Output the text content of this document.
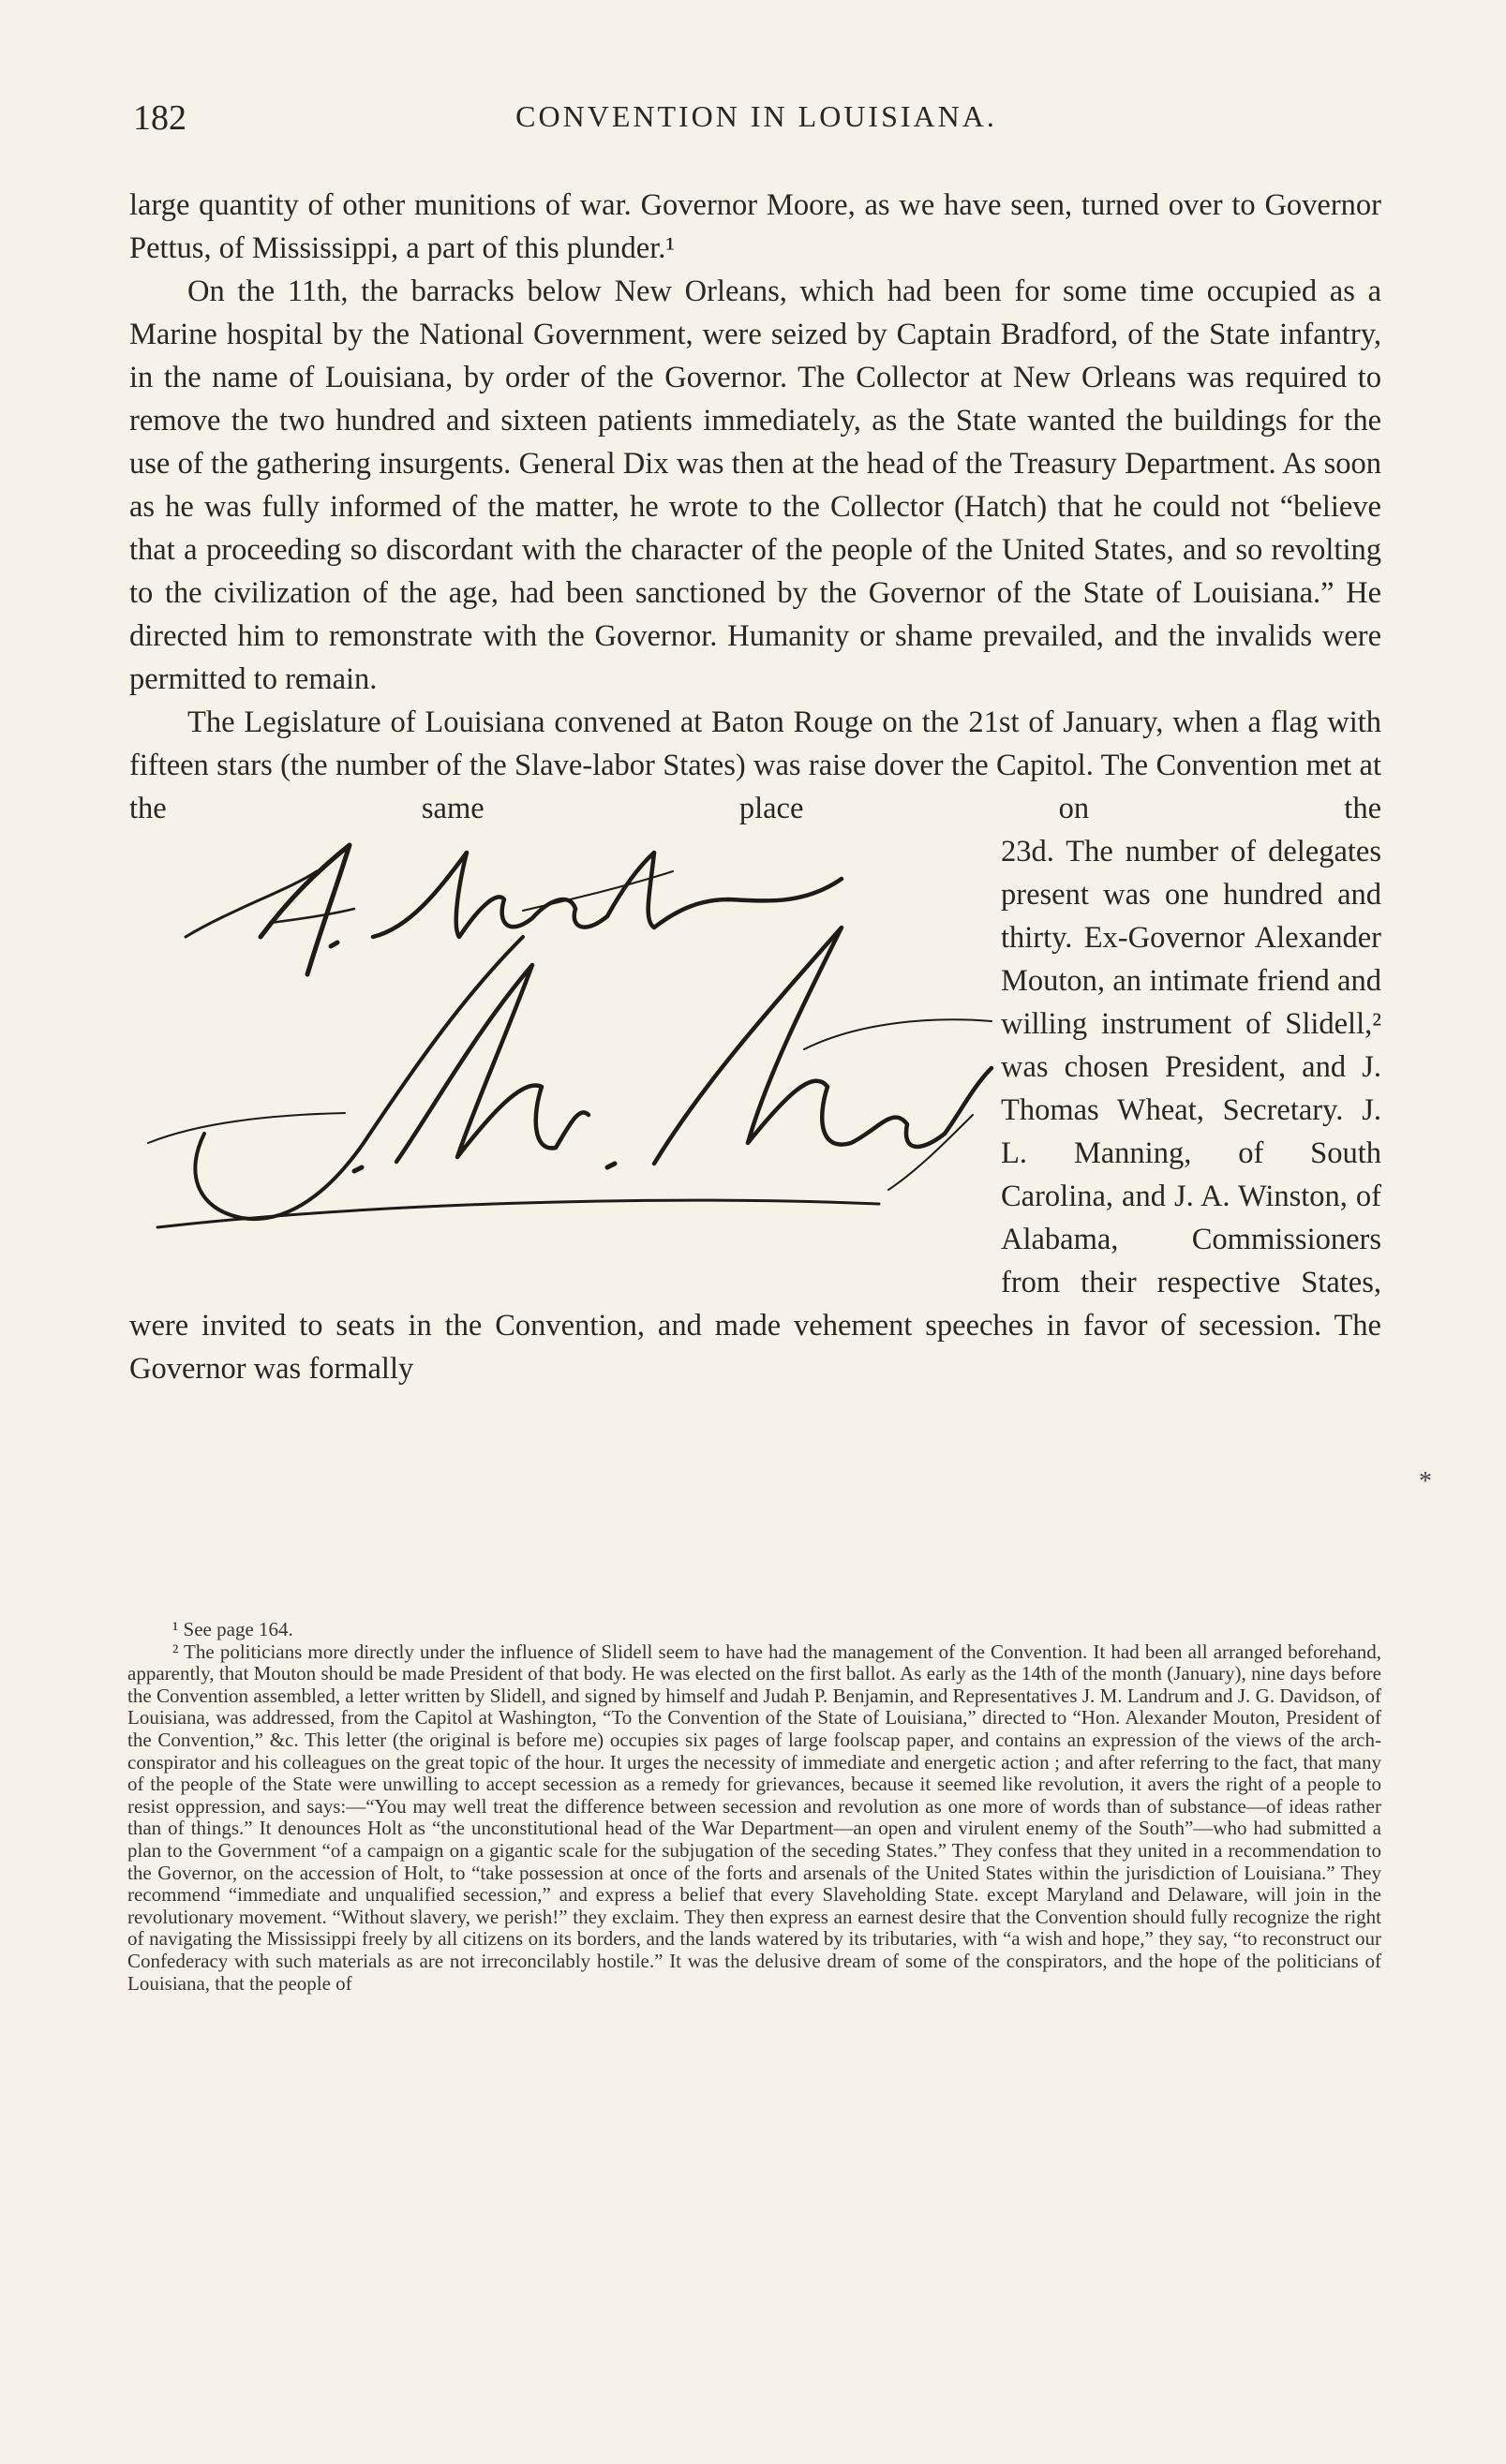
182	CONVENTION IN LOUISIANA.

large quantity of other munitions of war. Governor Moore, as we have seen, turned over to Governor Pettus, of Mississippi, a part of this plunder.¹

On the 11th, the barracks below New Orleans, which had been for some time occupied as a Marine hospital by the National Government, were seized by Captain Bradford, of the State infantry, in the name of Louisiana, by order of the Governor. The Collector at New Orleans was required to remove the two hundred and sixteen patients immediately, as the State wanted the buildings for the use of the gathering insurgents. General Dix was then at the head of the Treasury Department. As soon as he was fully informed of the matter, he wrote to the Collector (Hatch) that he could not “believe that a proceeding so discordant with the character of the people of the United States, and so revolting to the civilization of the age, had been sanctioned by the Governor of the State of Louisiana.” He directed him to remonstrate with the Governor. Humanity or shame prevailed, and the invalids were permitted to remain.

The Legislature of Louisiana convened at Baton Rouge on the 21st of January, when a flag with fifteen stars (the number of the Slave-labor States) was raise dover the Capitol. The Convention met at the same place on the

23d. The number of delegates present was one hundred and thirty. Ex-Governor Alexander Mouton, an intimate friend and willing instrument of Slidell,² was chosen President, and J. Thomas Wheat, Secretary. J. L. Manning, of South Carolina, and J. A. Winston, of Alabama, Commissioners from their respective States, were invited to seats in the Convention, and made vehement speeches in favor of secession. The Governor was formally

*

¹ See page 164.

² The politicians more directly under the influence of Slidell seem to have had the management of the Convention. It had been all arranged beforehand, apparently, that Mouton should be made President of that body. He was elected on the first ballot. As early as the 14th of the month (January), nine days before the Convention assembled, a letter written by Slidell, and signed by himself and Judah P. Benjamin, and Representatives J. M. Landrum and J. G. Davidson, of Louisiana, was addressed, from the Capitol at Washington, “To the Convention of the State of Louisiana,” directed to “Hon. Alexander Mouton, President of the Convention,” &c. This letter (the original is before me) occupies six pages of large foolscap paper, and contains an expression of the views of the arch-conspirator and his colleagues on the great topic of the hour. It urges the necessity of immediate and energetic action ; and after referring to the fact, that many of the people of the State were unwilling to accept secession as a remedy for grievances, because it seemed like revolution, it avers the right of a people to resist oppression, and says:—“You may well treat the difference between secession and revolution as one more of words than of substance—of ideas rather than of things.” It denounces Holt as “the unconstitutional head of the War Department—an open and virulent enemy of the South”—who had submitted a plan to the Government “of a campaign on a gigantic scale for the subjugation of the seceding States.” They confess that they united in a recommendation to the Governor, on the accession of Holt, to “take possession at once of the forts and arsenals of the United States within the jurisdiction of Louisiana.” They recommend “immediate and unqualified secession,” and express a belief that every Slaveholding State. except Maryland and Delaware, will join in the revolutionary movement. “Without slavery, we perish!” they exclaim. They then express an earnest desire that the Convention should fully recognize the right of navigating the Mississippi freely by all citizens on its borders, and the lands watered by its tributaries, with “a wish and hope,” they say, “to reconstruct our Confederacy with such materials as are not irreconcilably hostile.” It was the delusive dream of some of the conspirators, and the hope of the politicians of Louisiana, that the people of
